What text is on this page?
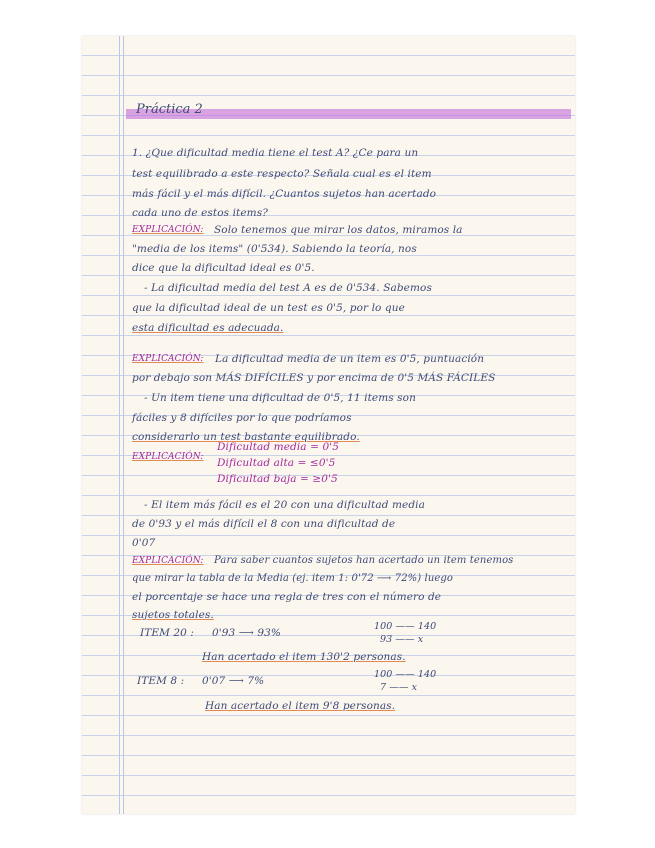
Práctica 2
1. ¿Que dificultad media tiene el test A? ¿Ce para un
test equilibrado a este respecto? Señala cual es el item
más fácil y el más difícil. ¿Cuantos sujetos han acertado
cada uno de estos items?
EXPLICACIÓN: Solo tenemos que mirar los datos, miramos la
"media de los items" (0'534). Sabiendo la teoría, nos
dice que la dificultad ideal es 0'5.
- La dificultad media del test A es de 0'534. Sabemos
que la dificultad ideal de un test es 0'5, por lo que
esta dificultad es adecuada.
EXPLICACIÓN: La dificultad media de un item es 0'5, puntuación
por debajo son MÁS DIFÍCILES y por encima de 0'5 MÁS FÁCILES
- Un item tiene una dificultad de 0'5, 11 items son
fáciles y 8 difíciles por lo que podríamos
considerarlo un test bastante equilibrado.
EXPLICACIÓN:
Dificultad media = 0'5
Dificultad alta = ≤0'5
Dificultad baja = ≥0'5
- El item más fácil es el 20 con una dificultad media
de 0'93 y el más difícil el 8 con una dificultad de
0'07
EXPLICACIÓN: Para saber cuantos sujetos han acertado un item tenemos
que mirar la tabla de la Media (ej. item 1: 0'72 ⟶ 72%) luego
el porcentaje se hace una regla de tres con el número de
sujetos totales.
ITEM 20 : 0'93 ⟶ 93%
100 —— 140
93 —— x
Han acertado el item 130'2 personas.
ITEM 8 : 0'07 ⟶ 7%
100 —— 140
7 —— x
Han acertado el item 9'8 personas.
